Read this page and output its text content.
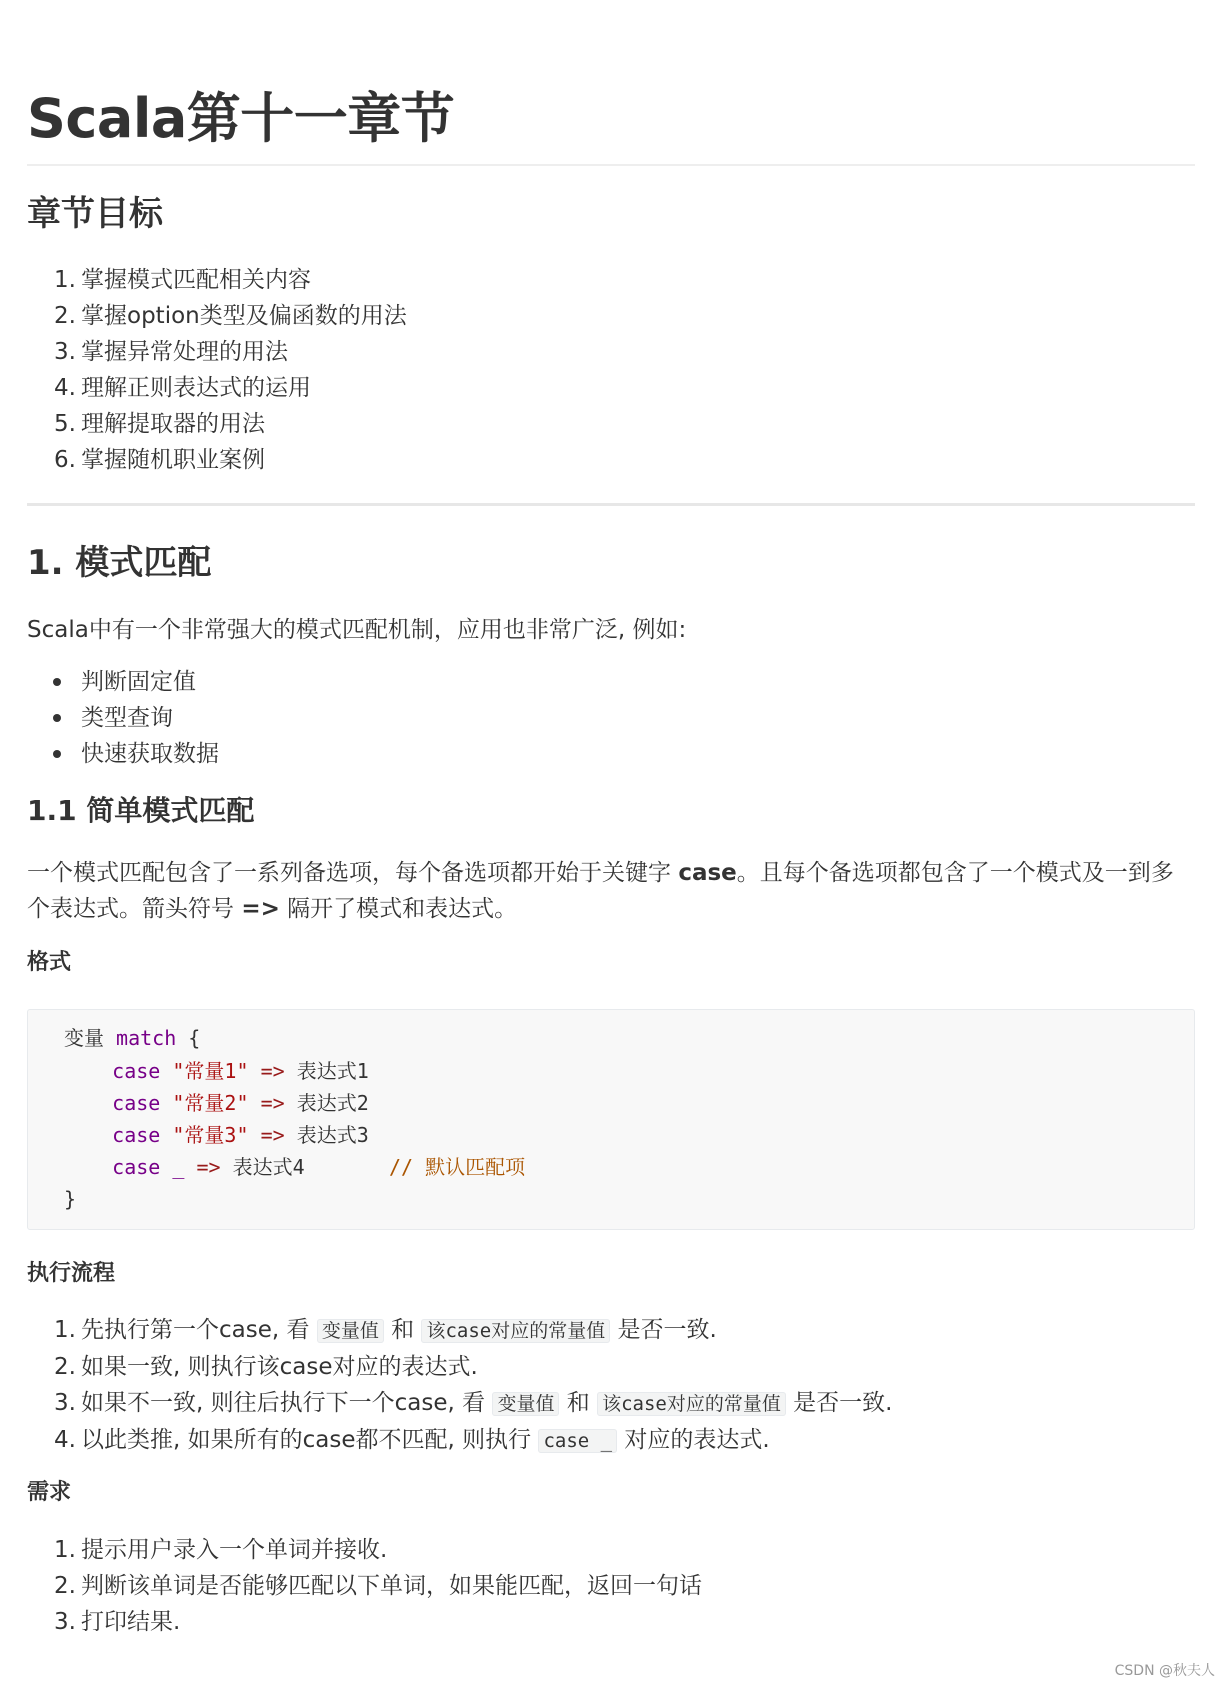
Scala第十一章节
章节目标
1. 掌握模式匹配相关内容
2. 掌握option类型及偏函数的用法
3. 掌握异常处理的用法
4. 理解正则表达式的运用
5. 理解提取器的用法
6. 掌握随机职业案例
1. 模式匹配

Scala中有一个非常强大的模式匹配机制，应用也非常广泛, 例如:

判断固定值
类型查询
快速获取数据
1.1 简单模式匹配

一个模式匹配包含了一系列备选项，每个备选项都开始于关键字 case。且每个备选项都包含了一个模式及一到多
个表达式。箭头符号 => 隔开了模式和表达式。

格式
变量 match {
case "常量1" => 表达式1
case "常量2" => 表达式2
case "常量3" => 表达式3
case _ => 表达式4	// 默认匹配项
}
执行流程
1. 先执行第一个case, 看 变量值 和 该case对应的常量值 是否一致.
2. 如果一致, 则执行该case对应的表达式.
3. 如果不一致, 则往后执行下一个case, 看 变量值 和 该case对应的常量值 是否一致.
4. 以此类推, 如果所有的case都不匹配, 则执行 case _ 对应的表达式.
需求
1. 提示用户录入一个单词并接收.
2. 判断该单词是否能够匹配以下单词，如果能匹配，返回一句话
3. 打印结果.
CSDN @秋夫人
